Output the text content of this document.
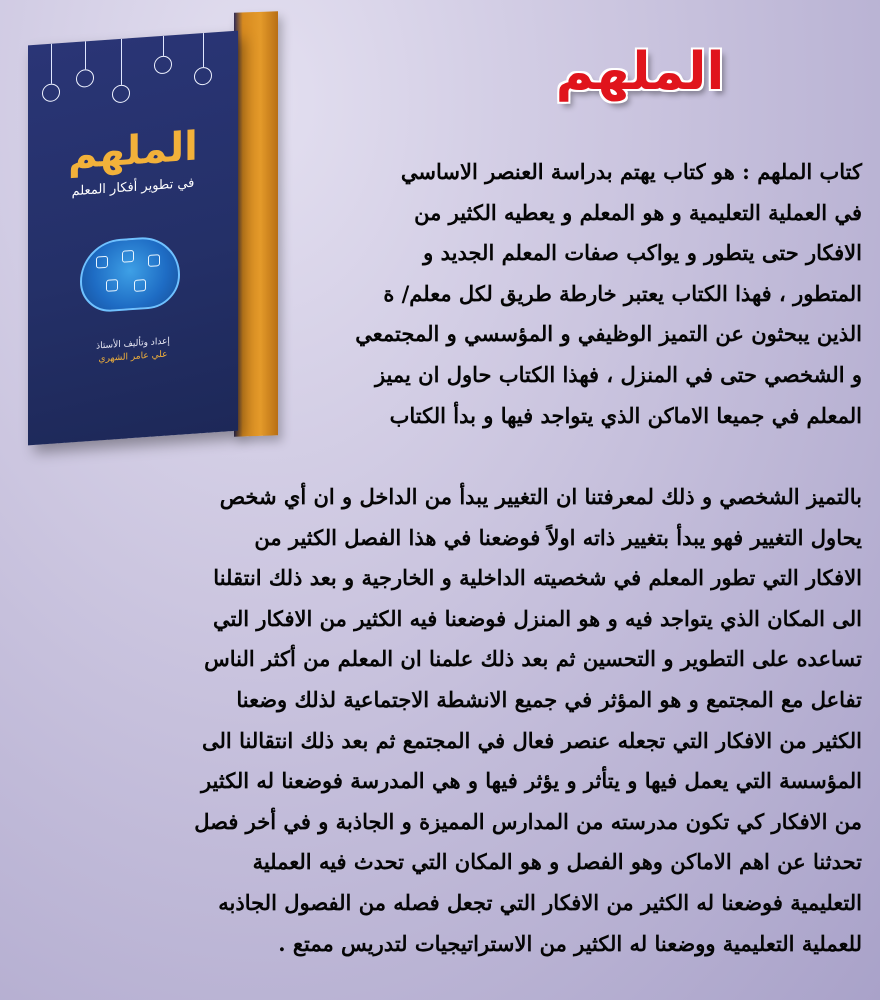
الملهم
في تطوير أفكار المعلم
إعداد وتأليف الأستاذ
علي عامر الشهري
الملهم
كتاب الملهم : هو كتاب يهتم بدراسة العنصر الاساسي
في العملية التعليمية و هو المعلم و يعطيه الكثير من
الافكار حتى يتطور و يواكب صفات المعلم الجديد و
المتطور ، فهذا الكتاب يعتبر خارطة طريق لكل معلم/ ة
الذين يبحثون عن التميز الوظيفي و المؤسسي و المجتمعي
و الشخصي حتى في المنزل ، فهذا الكتاب حاول ان يميز
المعلم في جميعا الاماكن الذي يتواجد فيها و بدأ الكتاب
بالتميز الشخصي و ذلك لمعرفتنا ان التغيير يبدأ من الداخل و ان أي شخص
يحاول التغيير فهو يبدأ بتغيير ذاته اولاً فوضعنا في هذا الفصل الكثير من
الافكار التي تطور المعلم في شخصيته الداخلية و الخارجية و بعد ذلك انتقلنا
الى المكان الذي يتواجد فيه و هو المنزل فوضعنا فيه الكثير من الافكار التي
تساعده على التطوير و التحسين ثم بعد ذلك علمنا ان المعلم من أكثر الناس
تفاعل مع المجتمع و هو المؤثر في جميع الانشطة الاجتماعية لذلك وضعنا
الكثير من الافكار التي تجعله عنصر فعال في المجتمع ثم بعد ذلك انتقالنا الى
المؤسسة التي يعمل فيها و يتأثر و يؤثر فيها و هي المدرسة فوضعنا له الكثير
من الافكار كي تكون مدرسته من المدارس المميزة و الجاذبة و في أخر فصل
تحدثنا عن اهم الاماكن وهو الفصل و هو المكان التي تحدث فيه العملية
التعليمية فوضعنا له الكثير من الافكار التي تجعل فصله من الفصول الجاذبه
للعملية التعليمية ووضعنا له الكثير من الاستراتيجيات لتدريس ممتع .
